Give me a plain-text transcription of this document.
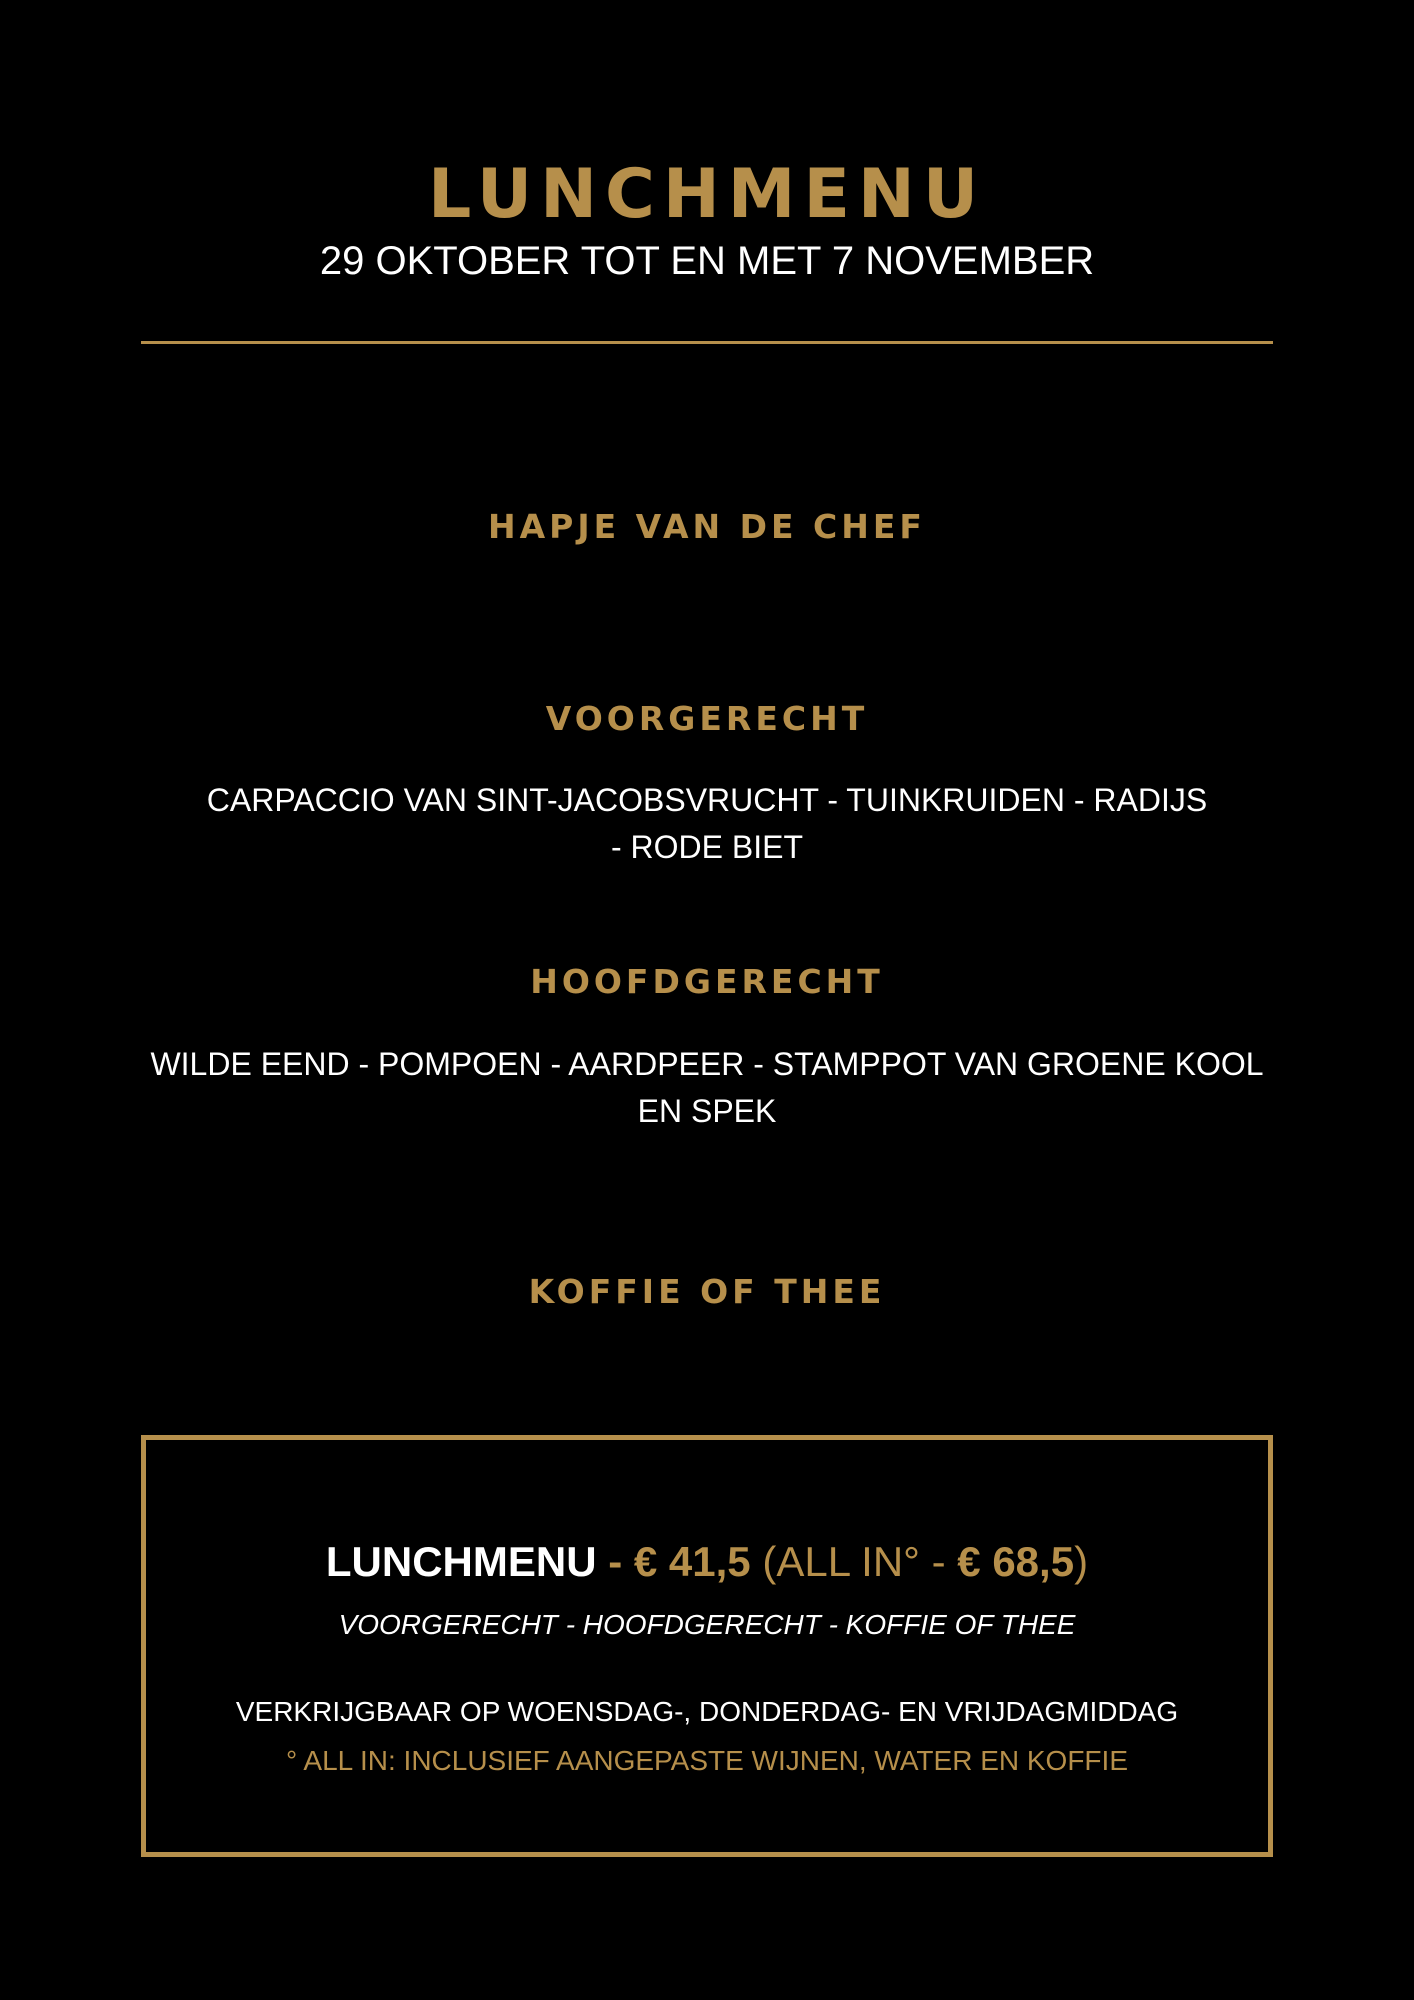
LUNCHMENU
29 OKTOBER TOT EN MET 7 NOVEMBER
HAPJE VAN DE CHEF
VOORGERECHT
CARPACCIO VAN SINT-JACOBSVRUCHT - TUINKRUIDEN - RADIJS
- RODE BIET
HOOFDGERECHT
WILDE EEND - POMPOEN - AARDPEER - STAMPPOT VAN GROENE KOOL
EN SPEK
KOFFIE OF THEE
LUNCHMENU - € 41,5 (ALL IN° - € 68,5)
VOORGERECHT - HOOFDGERECHT - KOFFIE OF THEE
VERKRIJGBAAR OP WOENSDAG-, DONDERDAG- EN VRIJDAGMIDDAG
° ALL IN: INCLUSIEF AANGEPASTE WIJNEN, WATER EN KOFFIE
